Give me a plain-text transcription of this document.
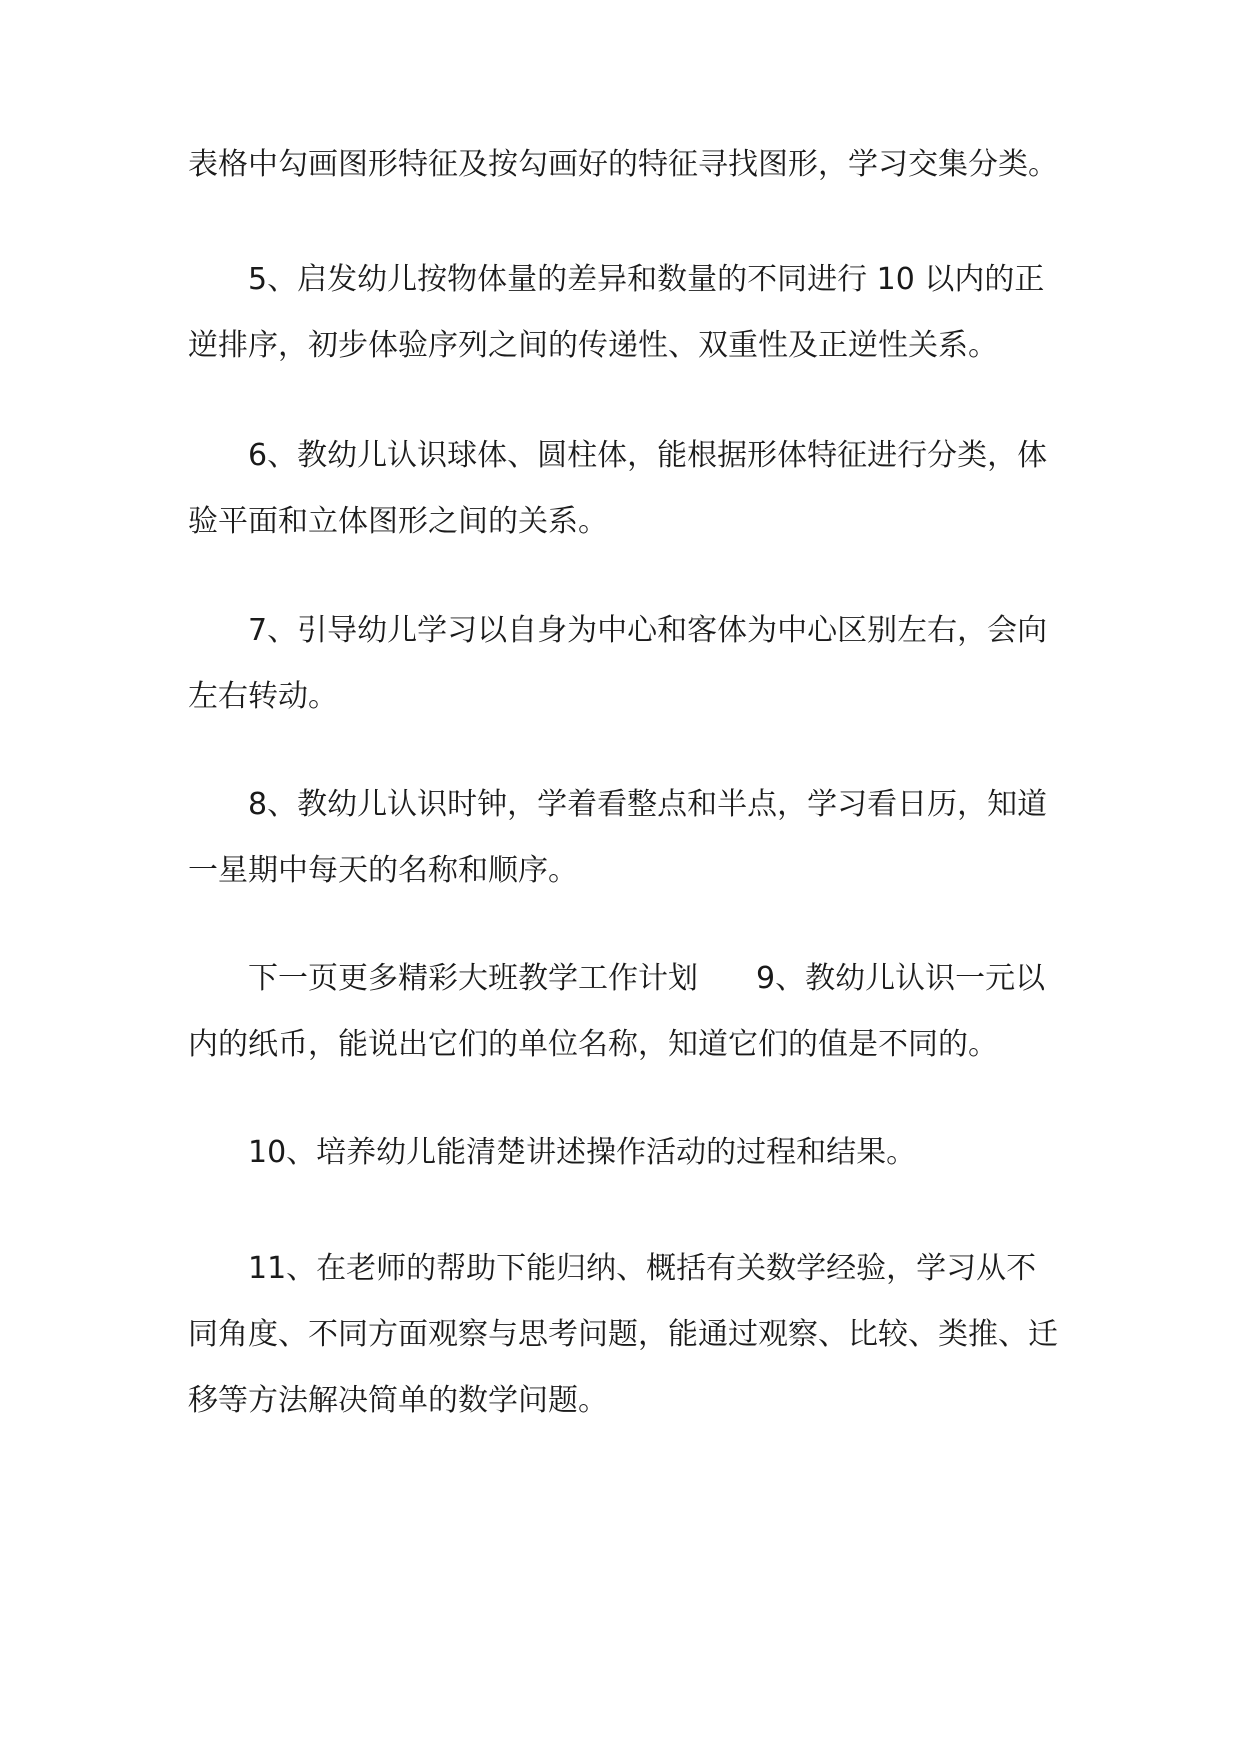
表格中勾画图形特征及按勾画好的特征寻找图形，学习交集分类。

5、启发幼儿按物体量的差异和数量的不同进行 10 以内的正逆排序，初步体验序列之间的传递性、双重性及正逆性关系。

6、教幼儿认识球体、圆柱体，能根据形体特征进行分类，体验平面和立体图形之间的关系。

7、引导幼儿学习以自身为中心和客体为中心区别左右，会向左右转动。

8、教幼儿认识时钟，学着看整点和半点，学习看日历，知道一星期中每天的名称和顺序。

下一页更多精彩大班教学工作计划 9、教幼儿认识一元以内的纸币，能说出它们的单位名称，知道它们的值是不同的。

10、培养幼儿能清楚讲述操作活动的过程和结果。

11、在老师的帮助下能归纳、概括有关数学经验，学习从不同角度、不同方面观察与思考问题，能通过观察、比较、类推、迁移等方法解决简单的数学问题。
